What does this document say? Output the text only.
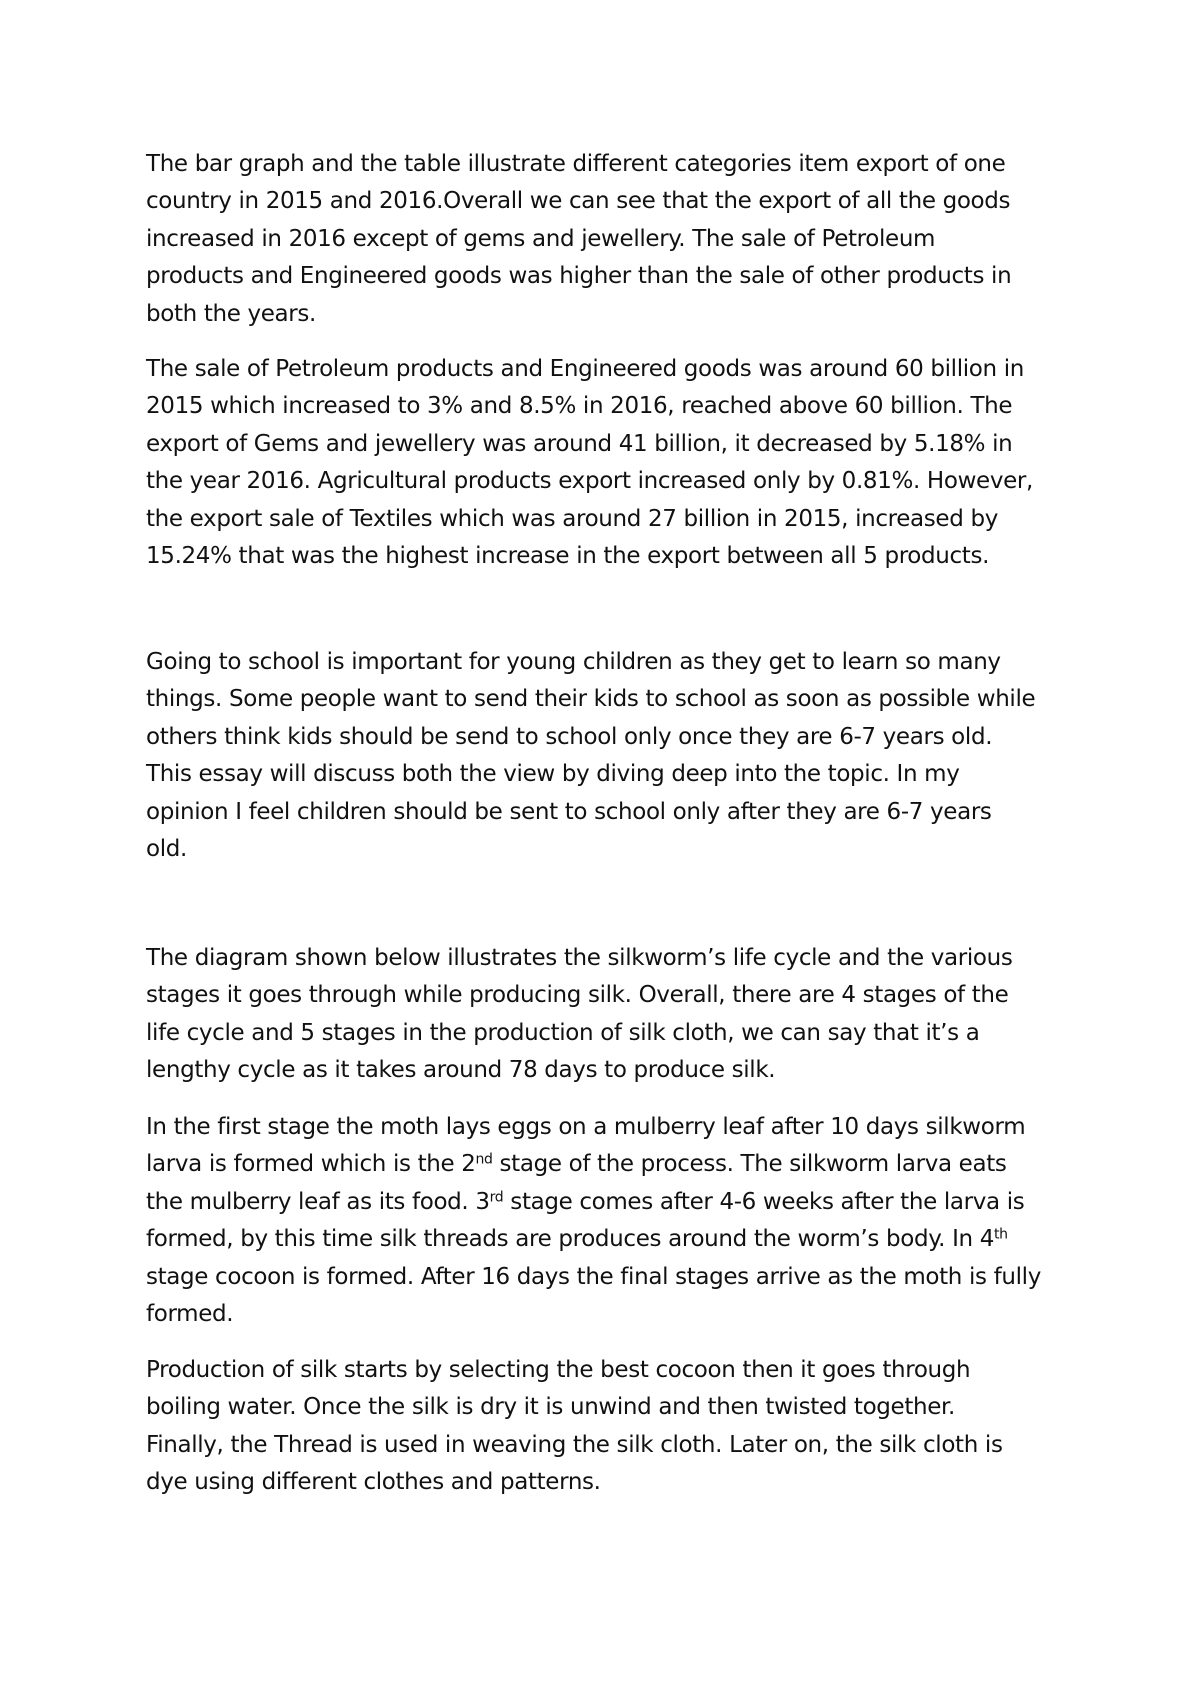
The bar graph and the table illustrate different categories item export of one
country in 2015 and 2016.Overall we can see that the export of all the goods
increased in 2016 except of gems and jewellery. The sale of Petroleum
products and Engineered goods was higher than the sale of other products in
both the years.

The sale of Petroleum products and Engineered goods was around 60 billion in
2015 which increased to 3% and 8.5% in 2016, reached above 60 billion. The
export of Gems and jewellery was around 41 billion, it decreased by 5.18% in
the year 2016. Agricultural products export increased only by 0.81%. However,
the export sale of Textiles which was around 27 billion in 2015, increased by
15.24% that was the highest increase in the export between all 5 products.

Going to school is important for young children as they get to learn so many
things. Some people want to send their kids to school as soon as possible while
others think kids should be send to school only once they are 6-7 years old.
This essay will discuss both the view by diving deep into the topic. In my
opinion I feel children should be sent to school only after they are 6-7 years
old.

The diagram shown below illustrates the silkworm’s life cycle and the various
stages it goes through while producing silk. Overall, there are 4 stages of the
life cycle and 5 stages in the production of silk cloth, we can say that it’s a
lengthy cycle as it takes around 78 days to produce silk.

In the first stage the moth lays eggs on a mulberry leaf after 10 days silkworm
larva is formed which is the 2nd stage of the process. The silkworm larva eats
the mulberry leaf as its food. 3rd stage comes after 4-6 weeks after the larva is
formed, by this time silk threads are produces around the worm’s body. In 4th
stage cocoon is formed. After 16 days the final stages arrive as the moth is fully
formed.

Production of silk starts by selecting the best cocoon then it goes through
boiling water. Once the silk is dry it is unwind and then twisted together.
Finally, the Thread is used in weaving the silk cloth. Later on, the silk cloth is
dye using different clothes and patterns.
